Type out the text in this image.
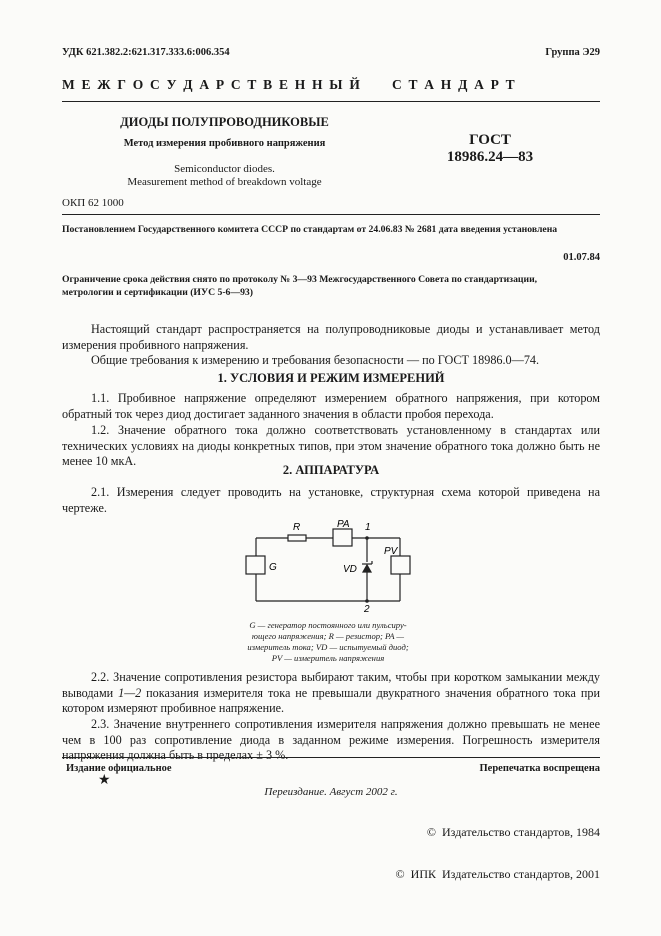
УДК 621.382.2:621.317.333.6:006.354	Группа Э29
М Е Ж Г О С У Д А Р С Т В Е Н Н Ы Й      С Т А Н Д А Р Т
ДИОДЫ ПОЛУПРОВОДНИКОВЫЕ
Метод измерения пробивного напряжения
Semiconductor diodes.
Measurement method of breakdown voltage
ГОСТ
18986.24—83
ОКП 62 1000
Постановлением Государственного комитета СССР по стандартам от 24.06.83 № 2681 дата введения установлена
01.07.84
Ограничение срока действия снято по протоколу № 3—93 Межгосударственного Совета по стандартизации,
метрологии и сертификации (ИУС 5-6—93)
Настоящий стандарт распространяется на полупроводниковые диоды и устанавливает метод измерения пробивного напряжения.
Общие требования к измерению и требования безопасности — по ГОСТ 18986.0—74.
1. УСЛОВИЯ И РЕЖИМ ИЗМЕРЕНИЙ
1.1. Пробивное напряжение определяют измерением обратного напряжения, при котором обратный ток через диод достигает заданного значения в области пробоя перехода.
1.2. Значение обратного тока должно соответствовать установленному в стандартах или технических условиях на диоды конкретных типов, при этом значение обратного тока должно быть не менее 10 мкА.
2. АППАРАТУРА
2.1. Измерения следует проводить на установке, структурная схема которой приведена на чертеже.
R	PA 1
G	VD
PV
2
G — генератор постоянного или пульсиру-
ющего напряжения; R — резистор; PA —
измеритель тока; VD — испытуемый диод;
PV — измеритель напряжения
2.2. Значение сопротивления резистора выбирают таким, чтобы при коротком замыкании между выводами 1—2 показания измерителя тока не превышали двукратного значения обратного тока при котором измеряют пробивное напряжение.
2.3. Значение внутреннего сопротивления измерителя напряжения должно превышать не менее чем в 100 раз сопротивление диода в заданном режиме измерения. Погрешность измерителя напряжения должна быть в пределах ± 3 %.
Издание официальное
★
Перепечатка воспрещена
Переиздание. Август 2002 г.

©  Издательство стандартов, 1984

©  ИПК  Издательство стандартов, 2001
